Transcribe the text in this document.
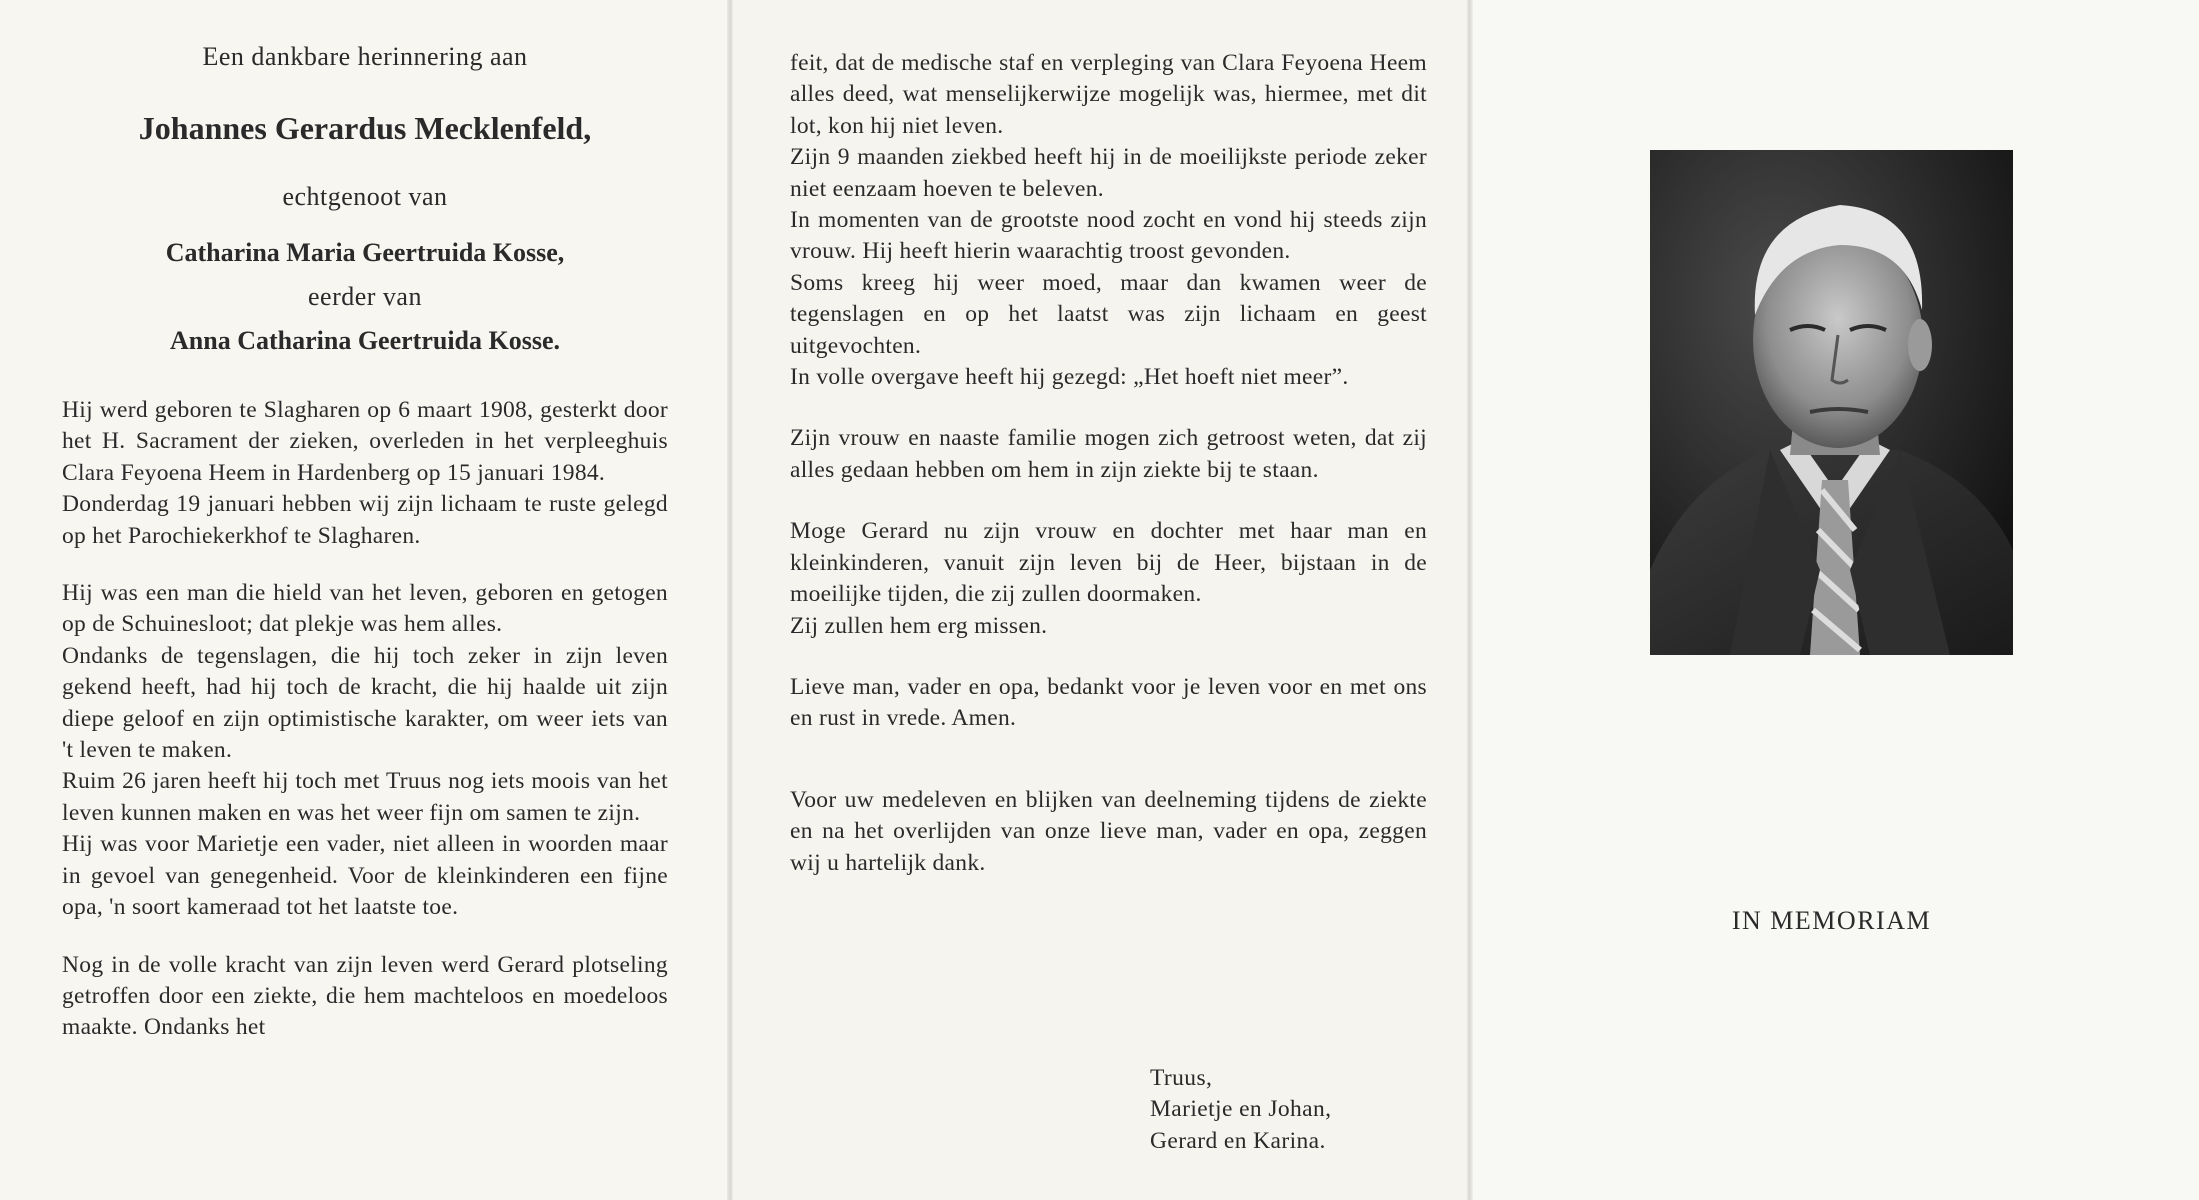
Een dankbare herinnering aan
Johannes Gerardus Mecklenfeld,
echtgenoot van
Catharina Maria Geertruida Kosse,
eerder van
Anna Catharina Geertruida Kosse.

Hij werd geboren te Slagharen op 6 maart 1908, gesterkt door het H. Sacrament der zieken, overleden in het verpleeghuis Clara Feyoena Heem in Hardenberg op 15 januari 1984.
Donderdag 19 januari hebben wij zijn lichaam te ruste gelegd op het Parochiekerkhof te Slagharen.

Hij was een man die hield van het leven, geboren en getogen op de Schuinesloot; dat plekje was hem alles.
Ondanks de tegenslagen, die hij toch zeker in zijn leven gekend heeft, had hij toch de kracht, die hij haalde uit zijn diepe geloof en zijn optimistische karakter, om weer iets van 't leven te maken.
Ruim 26 jaren heeft hij toch met Truus nog iets moois van het leven kunnen maken en was het weer fijn om samen te zijn.
Hij was voor Marietje een vader, niet alleen in woorden maar in gevoel van genegenheid. Voor de kleinkinderen een fijne opa, 'n soort kameraad tot het laatste toe.

Nog in de volle kracht van zijn leven werd Gerard plotseling getroffen door een ziekte, die hem machteloos en moedeloos maakte. Ondanks het

feit, dat de medische staf en verpleging van Clara Feyoena Heem alles deed, wat menselijkerwijze mogelijk was, hiermee, met dit lot, kon hij niet leven.
Zijn 9 maanden ziekbed heeft hij in de moeilijkste periode zeker niet eenzaam hoeven te beleven.
In momenten van de grootste nood zocht en vond hij steeds zijn vrouw. Hij heeft hierin waarachtig troost gevonden.
Soms kreeg hij weer moed, maar dan kwamen weer de tegenslagen en op het laatst was zijn lichaam en geest uitgevochten.
In volle overgave heeft hij gezegd: „Het hoeft niet meer”.

Zijn vrouw en naaste familie mogen zich getroost weten, dat zij alles gedaan hebben om hem in zijn ziekte bij te staan.

Moge Gerard nu zijn vrouw en dochter met haar man en kleinkinderen, vanuit zijn leven bij de Heer, bijstaan in de moeilijke tijden, die zij zullen doormaken.
Zij zullen hem erg missen.

Lieve man, vader en opa, bedankt voor je leven voor en met ons en rust in vrede. Amen.

Voor uw medeleven en blijken van deelneming tijdens de ziekte en na het overlijden van onze lieve man, vader en opa, zeggen wij u hartelijk dank.

Truus,
Marietje en Johan,
Gerard en Karina.
IN MEMORIAM
